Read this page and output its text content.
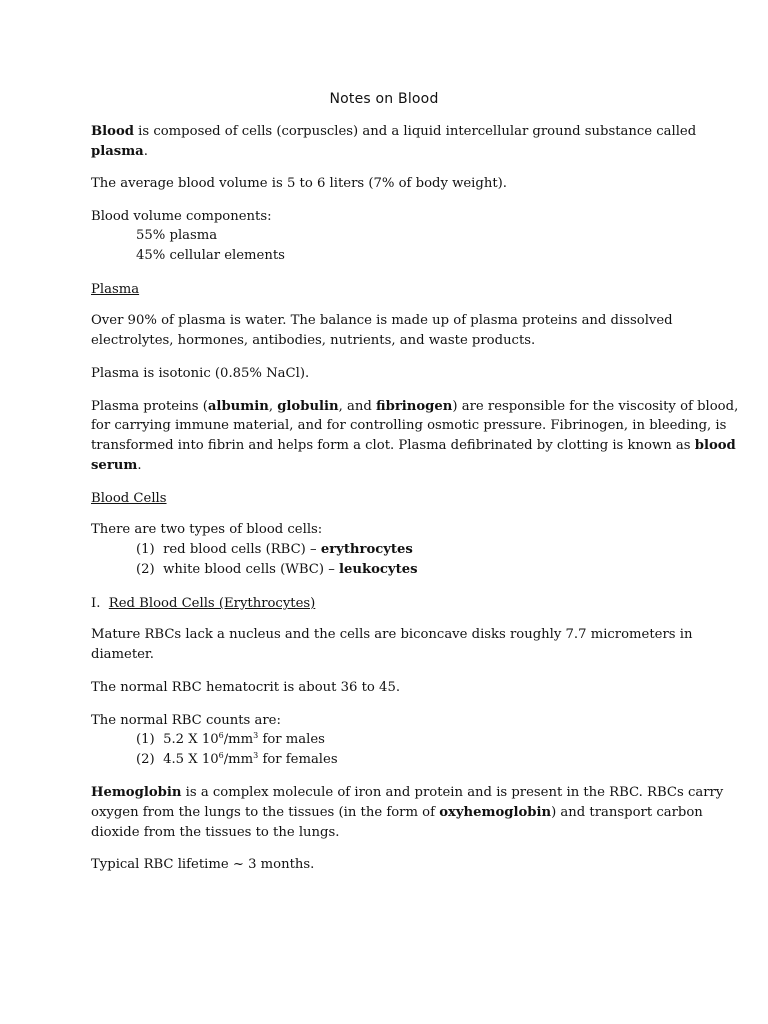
Notes on Blood
Blood is composed of cells (corpuscles) and a liquid intercellular ground substance called
plasma.
The average blood volume is 5 to 6 liters (7% of body weight).
Blood volume components:
55% plasma
45% cellular elements
Plasma
Over 90% of plasma is water. The balance is made up of plasma proteins and dissolved
electrolytes, hormones, antibodies, nutrients, and waste products.
Plasma is isotonic (0.85% NaCl).
Plasma proteins (albumin, globulin, and fibrinogen) are responsible for the viscosity of blood,
for carrying immune material, and for controlling osmotic pressure. Fibrinogen, in bleeding, is
transformed into fibrin and helps form a clot. Plasma defibrinated by clotting is known as blood
serum.
Blood Cells
There are two types of blood cells:
(1) red blood cells (RBC) – erythrocytes
(2) white blood cells (WBC) – leukocytes
I. Red Blood Cells (Erythrocytes)
Mature RBCs lack a nucleus and the cells are biconcave disks roughly 7.7 micrometers in
diameter.
The normal RBC hematocrit is about 36 to 45.
The normal RBC counts are:
(1) 5.2 X $10^6/mm^3$ for males
(2) 4.5 X $10^6/mm^3$ for females
Hemoglobin is a complex molecule of iron and protein and is present in the RBC. RBCs carry
oxygen from the lungs to the tissues (in the form of oxyhemoglobin) and transport carbon
dioxide from the tissues to the lungs.
Typical RBC lifetime ~ 3 months.
